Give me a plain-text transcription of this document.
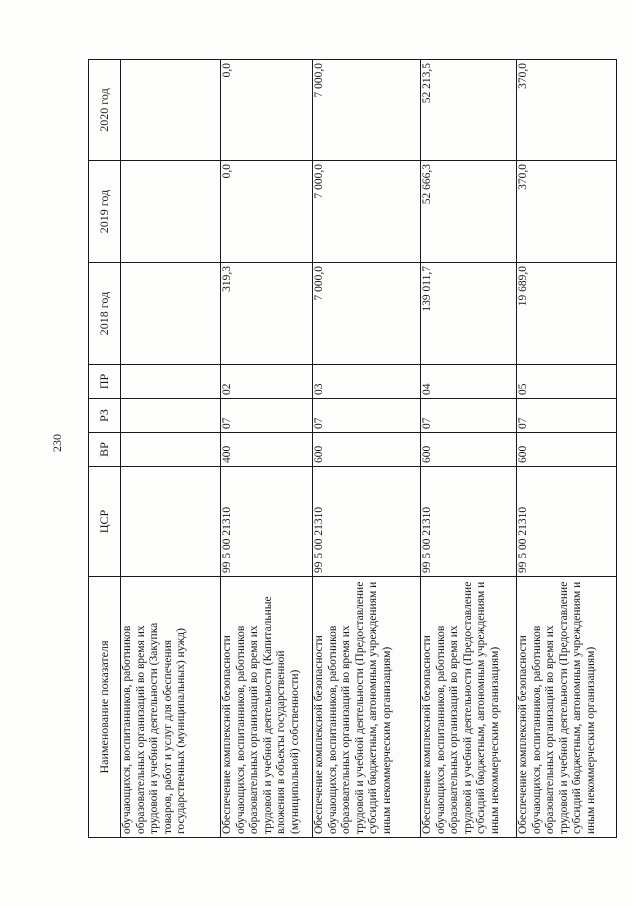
230
Наименование показателя	ЦСР	ВР	РЗ	ПР	2018 год	2019 год	2020 год
обучающихся, воспитанников, работников образовательных организаций во время их трудовой и учебной деятельности (Закупка товаров, работ и услуг для обеспечения государственных (муниципальных) нужд)							
Обеспечение комплексной безопасности обучающихся, воспитанников, работников образовательных организаций во время их трудовой и учебной деятельности (Капитальные вложения в объекты государственной (муниципальной) собственности)	99 5 00 21310	400	07	02	319,3	0,0	0,0
Обеспечение комплексной безопасности обучающихся, воспитанников, работников образовательных организаций во время их трудовой и учебной деятельности (Предоставление субсидий бюджетным, автономным учреждениям и иным некоммерческим организациям)	99 5 00 21310	600	07	03	7 000,0	7 000,0	7 000,0
Обеспечение комплексной безопасности обучающихся, воспитанников, работников образовательных организаций во время их трудовой и учебной деятельности (Предоставление субсидий бюджетным, автономным учреждениям и иным некоммерческим организациям)	99 5 00 21310	600	07	04	139 011,7	52 666,3	52 213,5
Обеспечение комплексной безопасности обучающихся, воспитанников, работников образовательных организаций во время их трудовой и учебной деятельности (Предоставление субсидий бюджетным, автономным учреждениям и иным некоммерческим организациям)	99 5 00 21310	600	07	05	19 689,0	370,0	370,0
